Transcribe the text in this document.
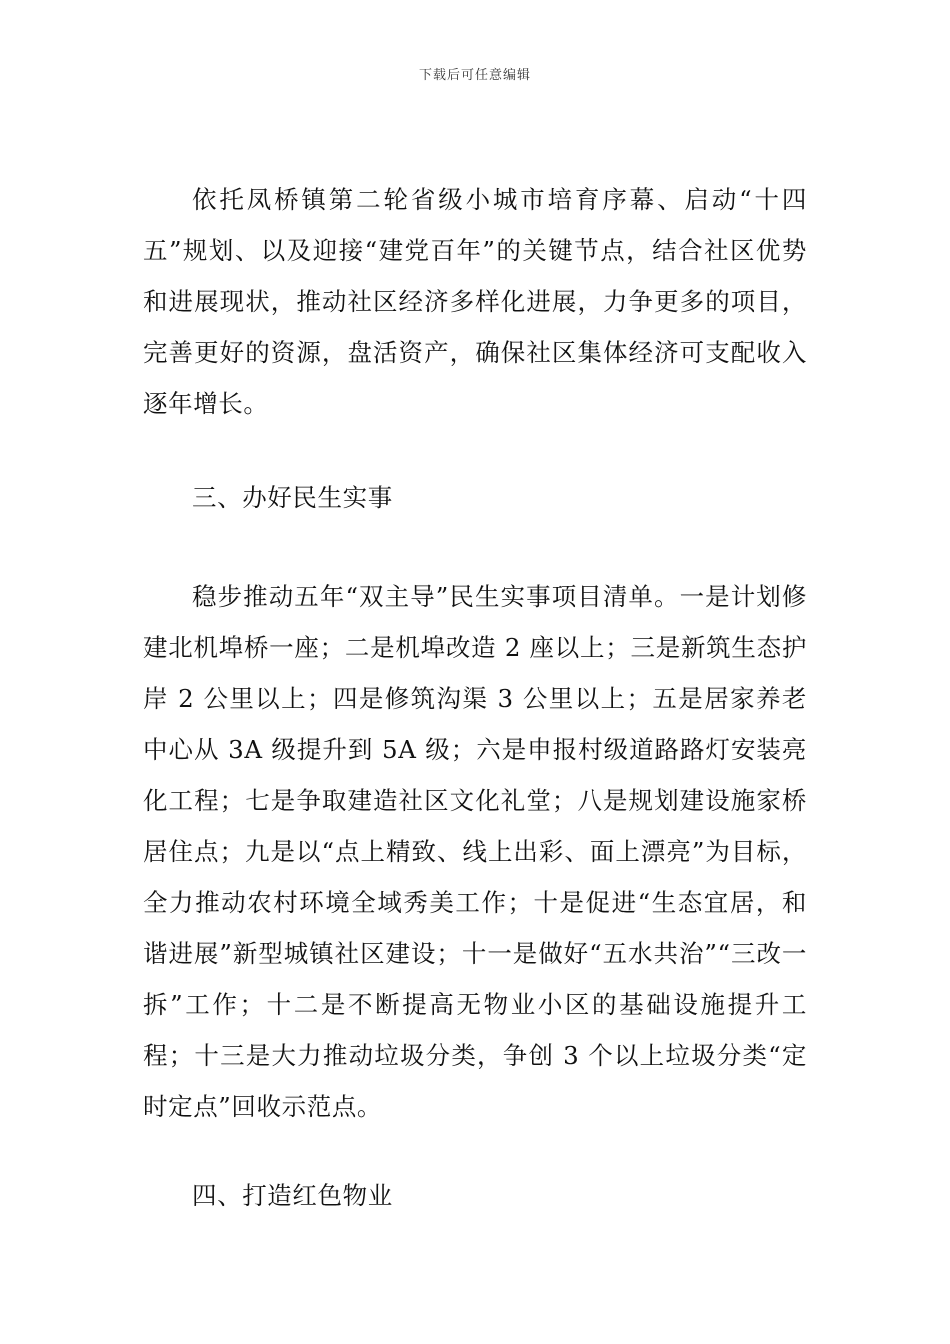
下载后可任意编辑

依托凤桥镇第二轮省级小城市培育序幕、启动“十四五”规划、以及迎接“建党百年”的关键节点，结合社区优势和进展现状，推动社区经济多样化进展，力争更多的项目，完善更好的资源，盘活资产，确保社区集体经济可支配收入逐年增长。

三、办好民生实事

稳步推动五年“双主导”民生实事项目清单。一是计划修建北机埠桥一座；二是机埠改造 2 座以上；三是新筑生态护岸 2 公里以上；四是修筑沟渠 3 公里以上；五是居家养老中心从 3A 级提升到 5A 级；六是申报村级道路路灯安装亮化工程；七是争取建造社区文化礼堂；八是规划建设施家桥居住点；九是以“点上精致、线上出彩、面上漂亮”为目标，全力推动农村环境全域秀美工作；十是促进“生态宜居，和谐进展”新型城镇社区建设；十一是做好“五水共治”“三改一拆”工作；十二是不断提高无物业小区的基础设施提升工程；十三是大力推动垃圾分类，争创 3 个以上垃圾分类“定时定点”回收示范点。

四、打造红色物业
